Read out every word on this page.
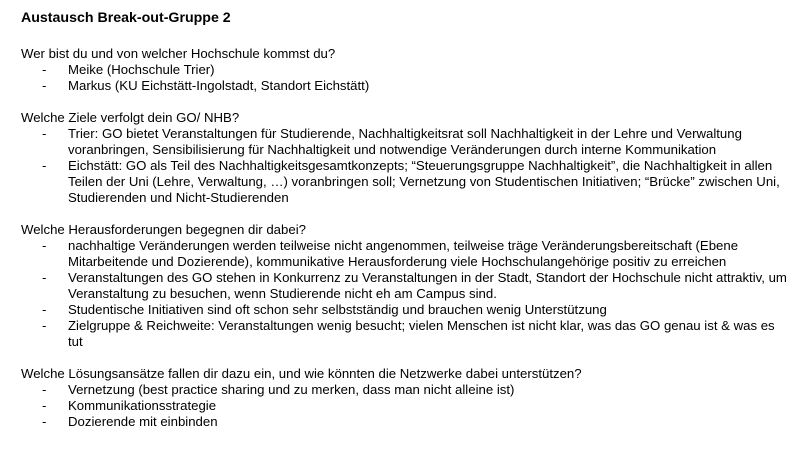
Austausch Break-out-Gruppe 2
Wer bist du und von welcher Hochschule kommst du?
-	Meike (Hochschule Trier)
-	Markus (KU Eichstätt-Ingolstadt, Standort Eichstätt)
Welche Ziele verfolgt dein GO/ NHB?
-	Trier: GO bietet Veranstaltungen für Studierende, Nachhaltigkeitsrat soll Nachhaltigkeit in der Lehre und Verwaltung voranbringen, Sensibilisierung für Nachhaltigkeit und notwendige Veränderungen durch interne Kommunikation
-	Eichstätt: GO als Teil des Nachhaltigkeitsgesamtkonzepts; “Steuerungsgruppe Nachhaltigkeit”, die Nachhaltigkeit in allen Teilen der Uni (Lehre, Verwaltung, …) voranbringen soll; Vernetzung von Studentischen Initiativen; “Brücke” zwischen Uni, Studierenden und Nicht-Studierenden
Welche Herausforderungen begegnen dir dabei?
-	nachhaltige Veränderungen werden teilweise nicht angenommen, teilweise träge Veränderungsbereitschaft (Ebene Mitarbeitende und Dozierende), kommunikative Herausforderung viele Hochschulangehörige positiv zu erreichen
-	Veranstaltungen des GO stehen in Konkurrenz zu Veranstaltungen in der Stadt, Standort der Hochschule nicht attraktiv, um Veranstaltung zu besuchen, wenn Studierende nicht eh am Campus sind.
-	Studentische Initiativen sind oft schon sehr selbstständig und brauchen wenig Unterstützung
-	Zielgruppe & Reichweite: Veranstaltungen wenig besucht; vielen Menschen ist nicht klar, was das GO genau ist & was es tut
Welche Lösungsansätze fallen dir dazu ein, und wie könnten die Netzwerke dabei unterstützen?
-	Vernetzung (best practice sharing und zu merken, dass man nicht alleine ist)
-	Kommunikationsstrategie
-	Dozierende mit einbinden
